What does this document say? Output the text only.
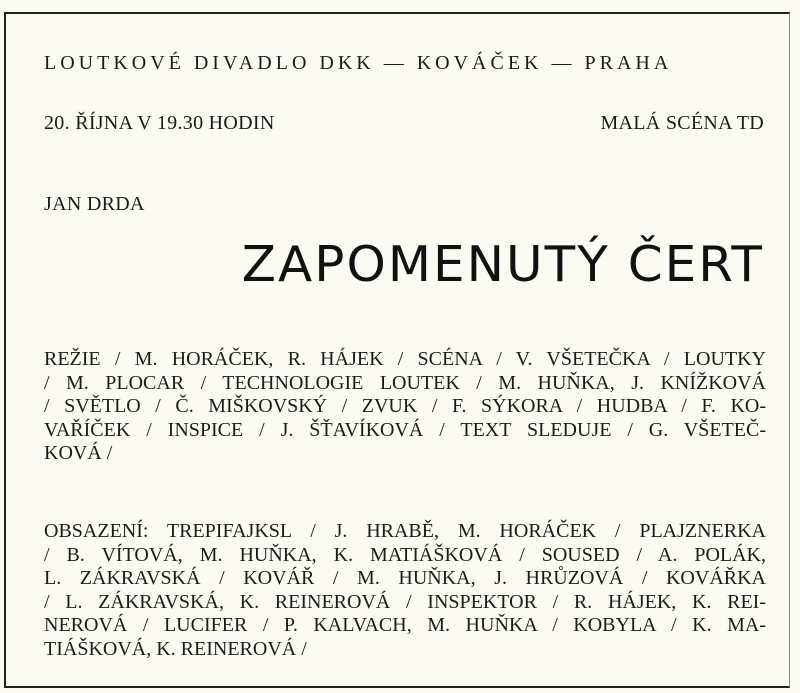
LOUTKOVÉ DIVADLO DKK — KOVÁČEK — PRAHA
20. ŘÍJNA V 19.30 HODIN	MALÁ SCÉNA TD
JAN DRDA
ZAPOMENUTÝ ČERT
REŽIE / M. HORÁČEK, R. HÁJEK / SCÉNA / V. VŠETEČKA / LOUTKY
/ M. PLOCAR / TECHNOLOGIE LOUTEK / M. HUŇKA, J. KNÍŽKOVÁ
/ SVĚTLO / Č. MIŠKOVSKÝ / ZVUK / F. SÝKORA / HUDBA / F. KO-
VAŘÍČEK / INSPICE / J. ŠŤAVÍKOVÁ / TEXT SLEDUJE / G. VŠETEČ-
KOVÁ /
OBSAZENÍ: TREPIFAJKSL / J. HRABĚ, M. HORÁČEK / PLAJZNERKA
/ B. VÍTOVÁ, M. HUŇKA, K. MATIÁŠKOVÁ / SOUSED / A. POLÁK,
L. ZÁKRAVSKÁ / KOVÁŘ / M. HUŇKA, J. HRŮZOVÁ / KOVÁŘKA
/ L. ZÁKRAVSKÁ, K. REINEROVÁ / INSPEKTOR / R. HÁJEK, K. REI-
NEROVÁ / LUCIFER / P. KALVACH, M. HUŇKA / KOBYLA / K. MA-
TIÁŠKOVÁ, K. REINEROVÁ /
